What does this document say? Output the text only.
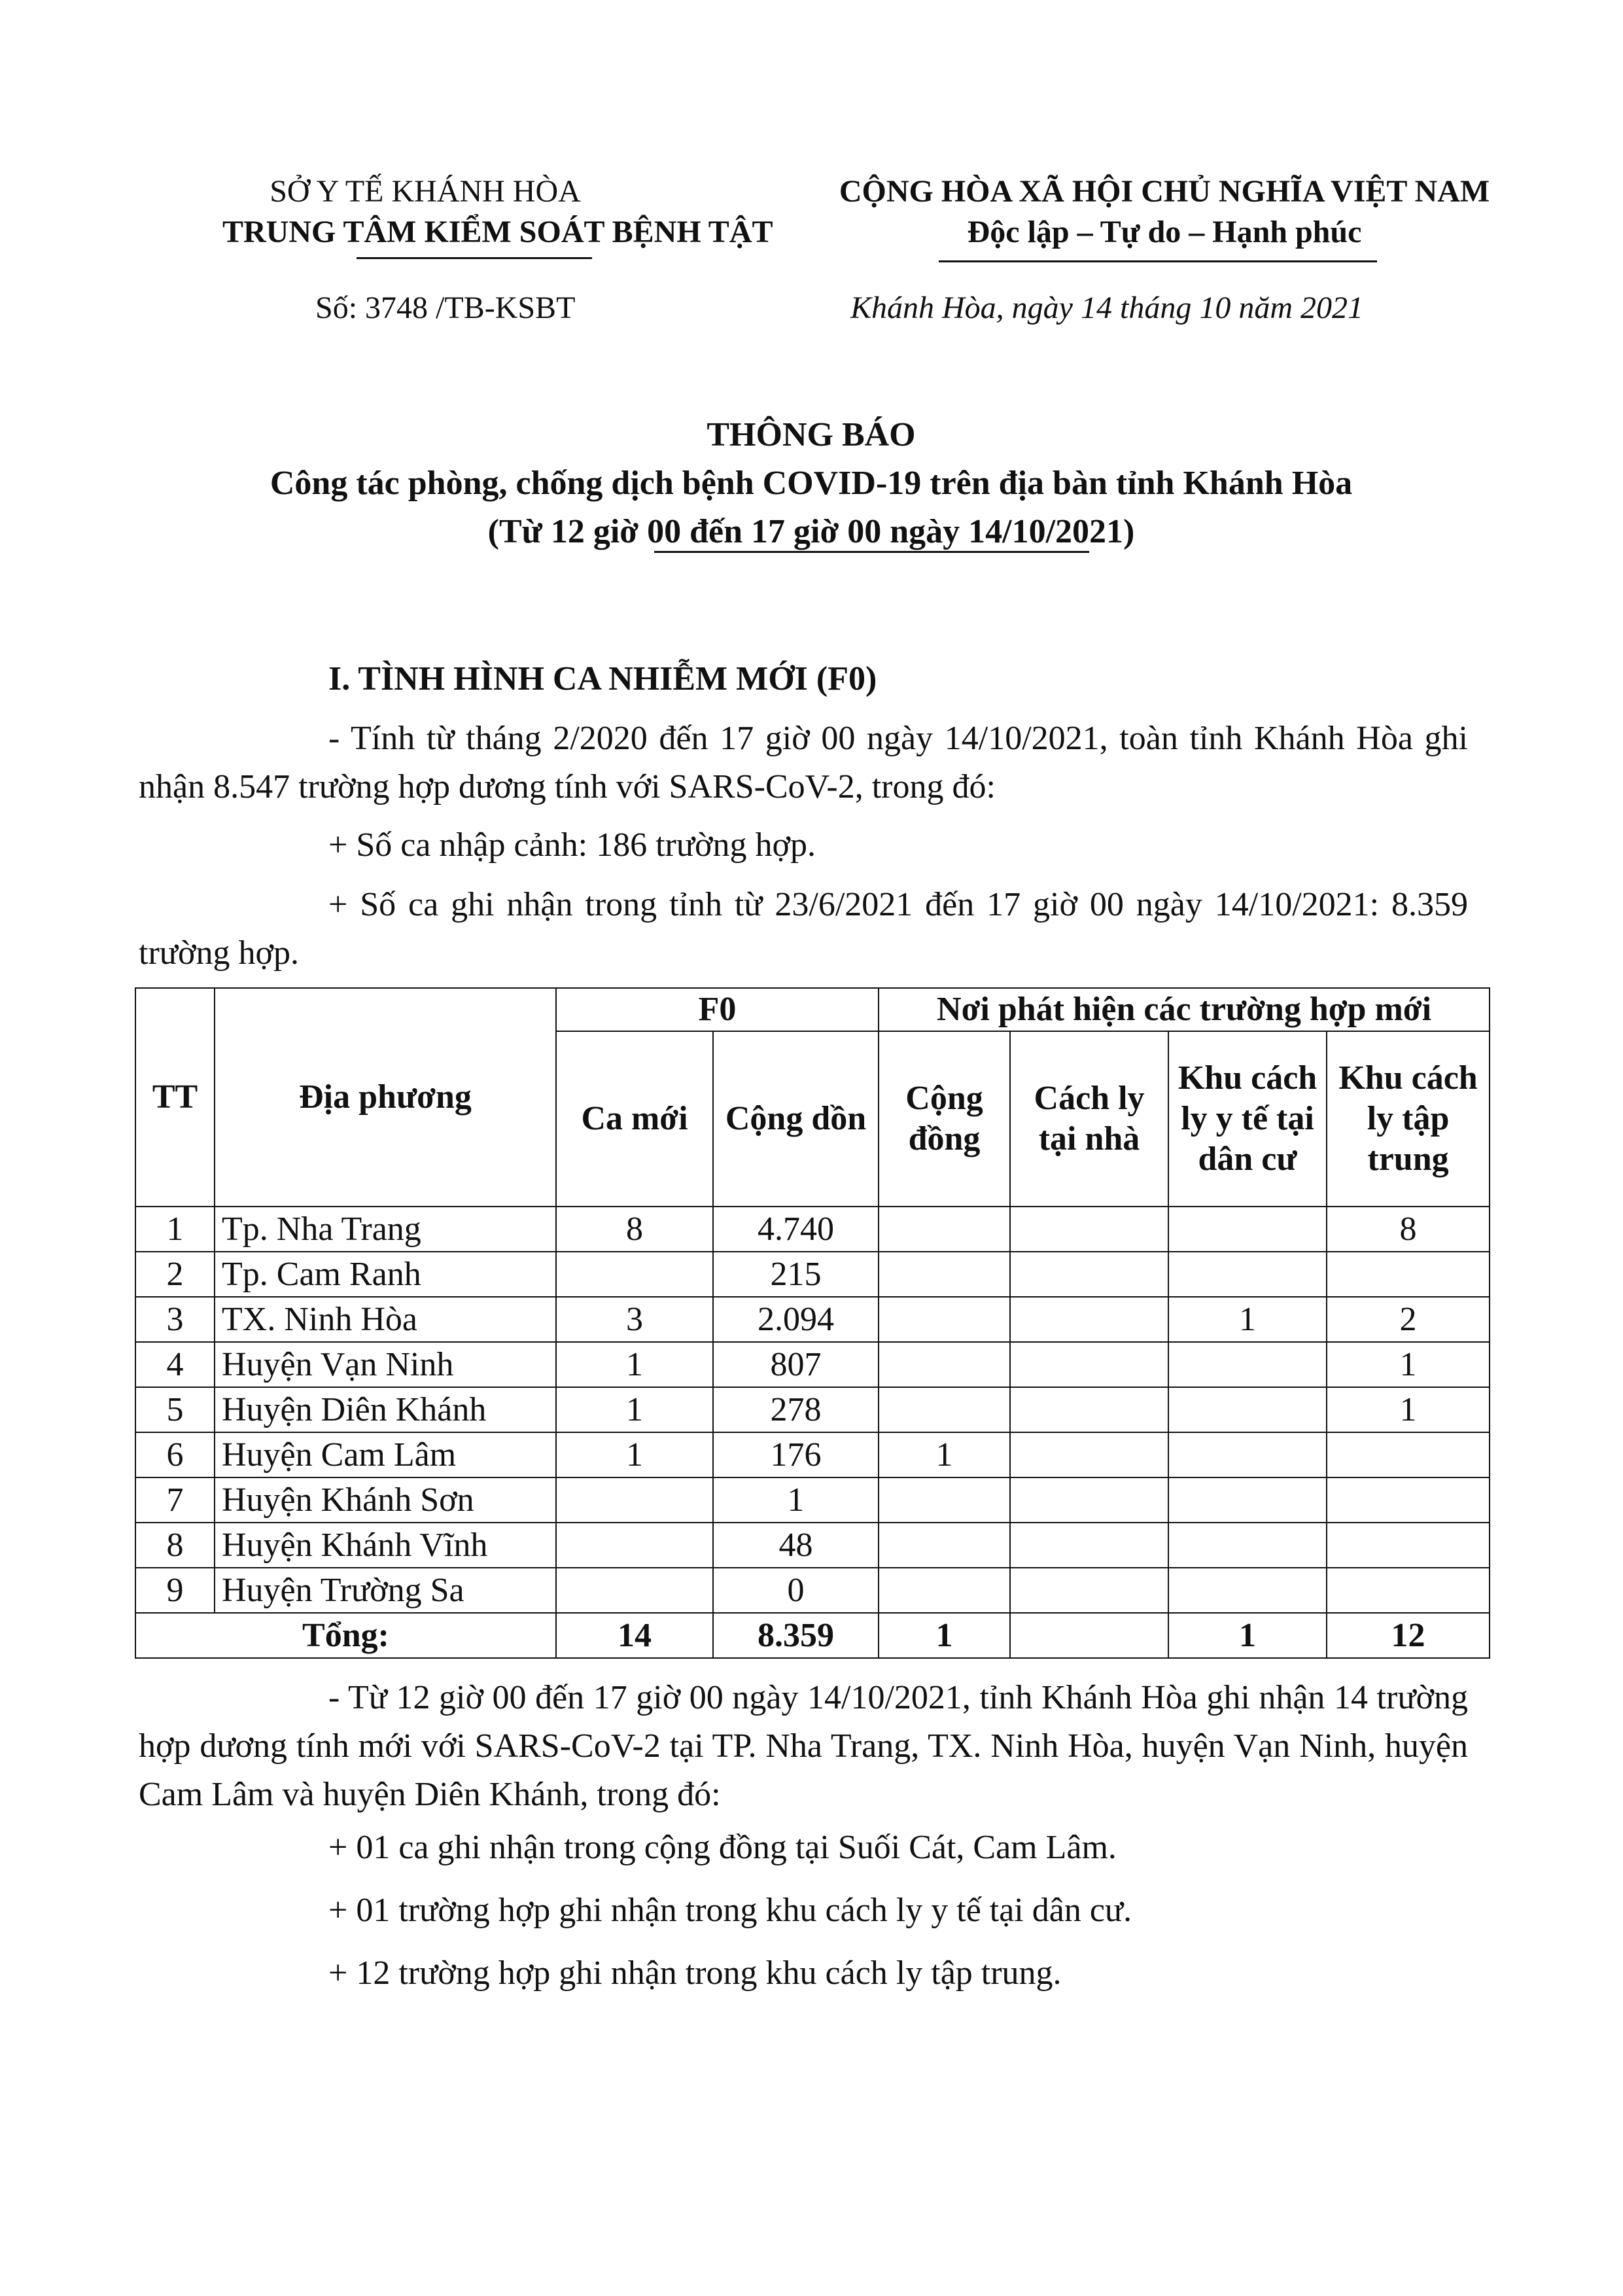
SỞ Y TẾ KHÁNH HÒA
TRUNG TÂM KIỂM SOÁT BỆNH TẬT
Số: 3748 /TB-KSBT
CỘNG HÒA XÃ HỘI CHỦ NGHĨA VIỆT NAM
Độc lập – Tự do – Hạnh phúc
Khánh Hòa, ngày 14 tháng 10 năm 2021
THÔNG BÁO
Công tác phòng, chống dịch bệnh COVID-19 trên địa bàn tỉnh Khánh Hòa
(Từ 12 giờ 00 đến 17 giờ 00 ngày 14/10/2021)
I. TÌNH HÌNH CA NHIỄM MỚI (F0)
- Tính từ tháng 2/2020 đến 17 giờ 00 ngày 14/10/2021, toàn tỉnh Khánh Hòa ghi nhận 8.547 trường hợp dương tính với SARS-CoV-2, trong đó:
+ Số ca nhập cảnh: 186 trường hợp.
+ Số ca ghi nhận trong tỉnh từ 23/6/2021 đến 17 giờ 00 ngày 14/10/2021: 8.359 trường hợp.
TT	Địa phương	F0		Nơi phát hiện các trường hợp mới			
		Ca mới	Cộng dồn	Cộng đồng	Cách ly tại nhà	Khu cách ly y tế tại dân cư	Khu cách ly tập trung
1	Tp. Nha Trang	8	4.740				8
2	Tp. Cam Ranh		215				
3	TX. Ninh Hòa	3	2.094			1	2
4	Huyện Vạn Ninh	1	807				1
5	Huyện Diên Khánh	1	278				1
6	Huyện Cam Lâm	1	176	1			
7	Huyện Khánh Sơn		1				
8	Huyện Khánh Vĩnh		48				
9	Huyện Trường Sa		0				
Tổng:		14	8.359	1		1	12
- Từ 12 giờ 00 đến 17 giờ 00 ngày 14/10/2021, tỉnh Khánh Hòa ghi nhận 14 trường hợp dương tính mới với SARS-CoV-2 tại TP. Nha Trang, TX. Ninh Hòa, huyện Vạn Ninh, huyện Cam Lâm và huyện Diên Khánh, trong đó:
+ 01 ca ghi nhận trong cộng đồng tại Suối Cát, Cam Lâm.
+ 01 trường hợp ghi nhận trong khu cách ly y tế tại dân cư.
+ 12 trường hợp ghi nhận trong khu cách ly tập trung.
